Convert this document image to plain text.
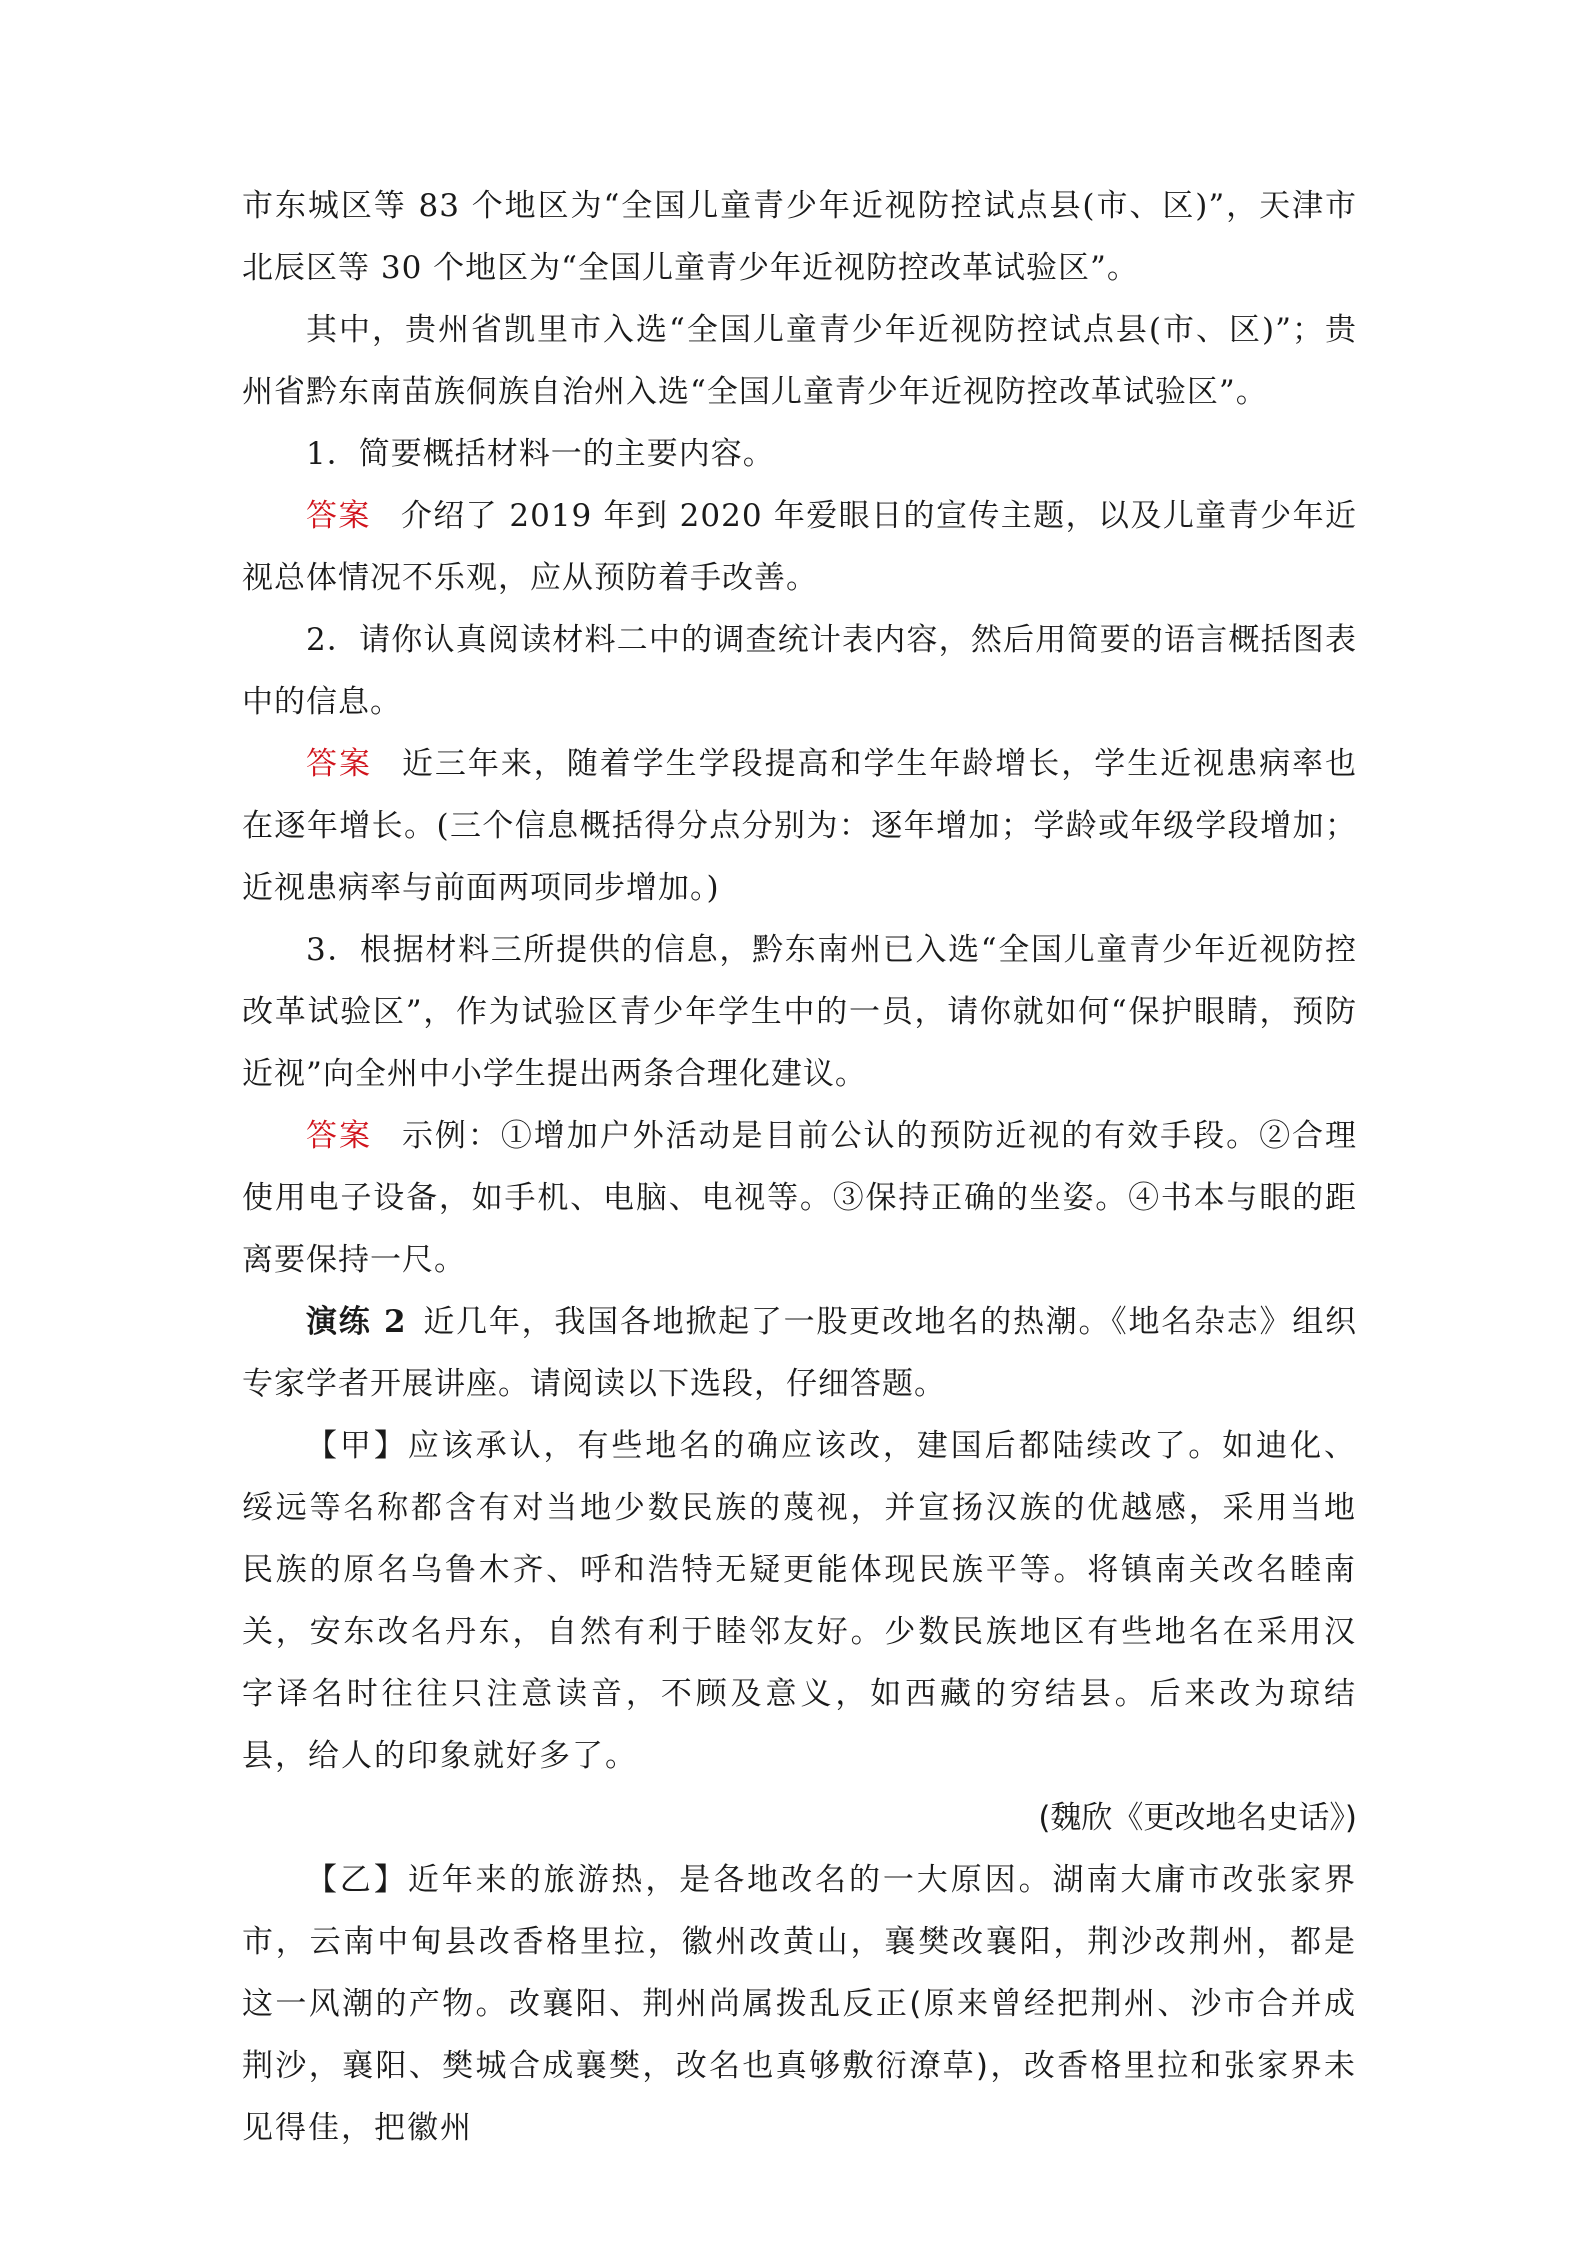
市东城区等 83 个地区为“全国儿童青少年近视防控试点县(市、区)”，天津市北辰区等 30 个地区为“全国儿童青少年近视防控改革试验区”。

其中，贵州省凯里市入选“全国儿童青少年近视防控试点县(市、区)”；贵州省黔东南苗族侗族自治州入选“全国儿童青少年近视防控改革试验区”。

1．简要概括材料一的主要内容。

答案 介绍了 2019 年到 2020 年爱眼日的宣传主题，以及儿童青少年近视总体情况不乐观，应从预防着手改善。

2．请你认真阅读材料二中的调查统计表内容，然后用简要的语言概括图表中的信息。

答案 近三年来，随着学生学段提高和学生年龄增长，学生近视患病率也在逐年增长。(三个信息概括得分点分别为：逐年增加；学龄或年级学段增加；近视患病率与前面两项同步增加。)

3．根据材料三所提供的信息，黔东南州已入选“全国儿童青少年近视防控改革试验区”，作为试验区青少年学生中的一员，请你就如何“保护眼睛，预防近视”向全州中小学生提出两条合理化建议。

答案 示例：①增加户外活动是目前公认的预防近视的有效手段。②合理使用电子设备，如手机、电脑、电视等。③保持正确的坐姿。④书本与眼的距离要保持一尺。

演练 2 近几年，我国各地掀起了一股更改地名的热潮。《地名杂志》组织专家学者开展讲座。请阅读以下选段，仔细答题。

【甲】应该承认，有些地名的确应该改，建国后都陆续改了。如迪化、绥远等名称都含有对当地少数民族的蔑视，并宣扬汉族的优越感，采用当地民族的原名乌鲁木齐、呼和浩特无疑更能体现民族平等。将镇南关改名睦南关，安东改名丹东，自然有利于睦邻友好。少数民族地区有些地名在采用汉字译名时往往只注意读音，不顾及意义，如西藏的穷结县。后来改为琼结县，给人的印象就好多了。

(魏欣《更改地名史话》)

【乙】近年来的旅游热，是各地改名的一大原因。湖南大庸市改张家界市，云南中甸县改香格里拉，徽州改黄山，襄樊改襄阳，荆沙改荆州，都是这一风潮的产物。改襄阳、荆州尚属拨乱反正(原来曾经把荆州、沙市合并成荆沙，襄阳、樊城合成襄樊，改名也真够敷衍潦草)，改香格里拉和张家界未见得佳，把徽州
